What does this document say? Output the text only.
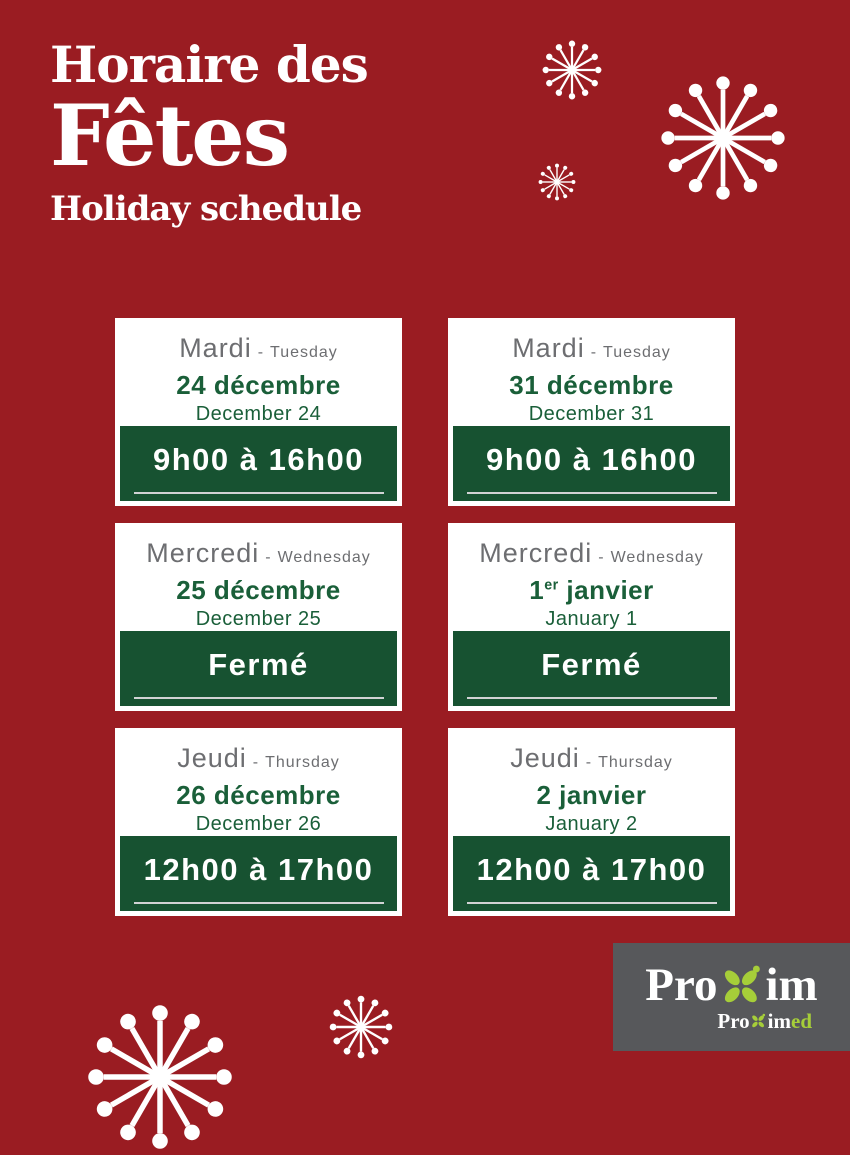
Horaire des
Fêtes
Holiday schedule
Mardi - Tuesday
24 décembre
December 24
9h00 à 16h00
Mardi - Tuesday
31 décembre
December 31
9h00 à 16h00
Mercredi - Wednesday
25 décembre
December 25
Fermé
Mercredi - Wednesday
1er janvier
January 1
Fermé
Jeudi - Thursday
26 décembre
December 26
12h00 à 17h00
Jeudi - Thursday
2 janvier
January 2
12h00 à 17h00
Pro im
Pro im ed
